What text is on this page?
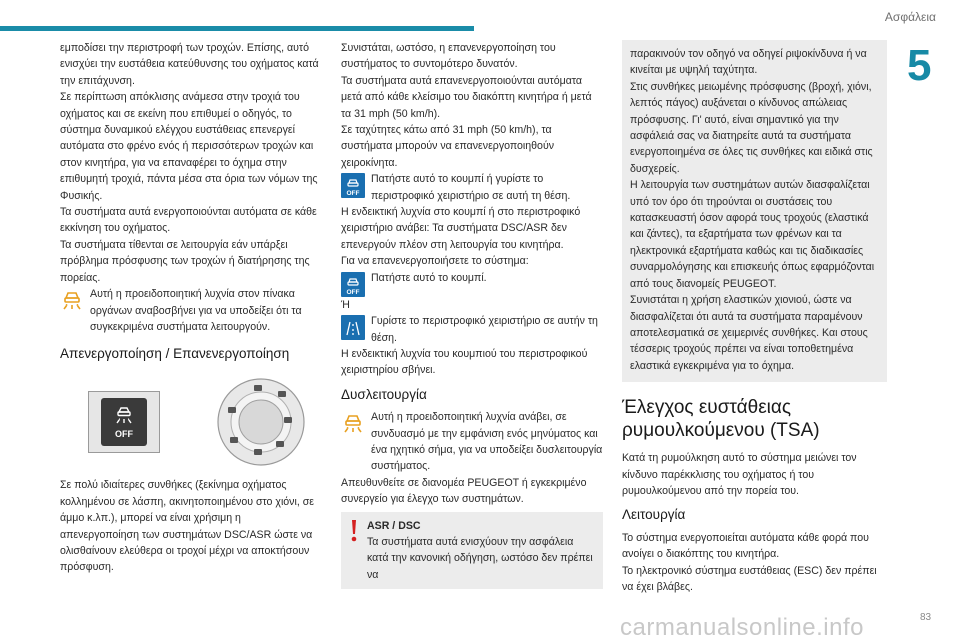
Ασφάλεια
5

εμποδίσει την περιστροφή των τροχών. Επίσης, αυτό ενισχύει την ευστάθεια κατεύθυνσης του οχήματος κατά την επιτάχυνση.

Σε περίπτωση απόκλισης ανάμεσα στην τροχιά του οχήματος και σε εκείνη που επιθυμεί ο οδηγός, το σύστημα δυναμικού ελέγχου ευστάθειας επενεργεί αυτόματα στο φρένο ενός ή περισσότερων τροχών και στον κινητήρα, για να επαναφέρει το όχημα στην επιθυμητή τροχιά, πάντα μέσα στα όρια των νόμων της Φυσικής.

Τα συστήματα αυτά ενεργοποιούνται αυτόματα σε κάθε εκκίνηση του οχήματος.

Τα συστήματα τίθενται σε λειτουργία εάν υπάρξει πρόβλημα πρόσφυσης των τροχών ή διατήρησης της πορείας.

Αυτή η προειδοποιητική λυχνία στον πίνακα οργάνων αναβοσβήνει για να υποδείξει ότι τα συγκεκριμένα συστήματα λειτουργούν.

Απενεργοποίηση / Επανενεργοποίηση

OFF

Σε πολύ ιδιαίτερες συνθήκες (ξεκίνημα οχήματος κολλημένου σε λάσπη, ακινητοποιημένου στο χιόνι, σε άμμο κ.λπ.), μπορεί να είναι χρήσιμη η απενεργοποίηση των συστημάτων DSC/ASR ώστε να ολισθαίνουν ελεύθερα οι τροχοί μέχρι να αποκτήσουν πρόσφυση.

Συνιστάται, ωστόσο, η επανενεργοποίηση του συστήματος το συντομότερο δυνατόν.

Τα συστήματα αυτά επανενεργοποιούνται αυτόματα μετά από κάθε κλείσιμο του διακόπτη κινητήρα ή μετά τα 31 mph (50 km/h).

Σε ταχύτητες κάτω από 31 mph (50 km/h), τα συστήματα μπορούν να επανενεργοποιηθούν χειροκίνητα.

OFF

Πατήστε αυτό το κουμπί ή γυρίστε το περιστροφικό χειριστήριο σε αυτή τη θέση.

Η ενδεικτική λυχνία στο κουμπί ή στο περιστροφικό χειριστήριο ανάβει: Τα συστήματα DSC/ASR δεν επενεργούν πλέον στη λειτουργία του κινητήρα.

Για να επανενεργοποιήσετε το σύστημα:

OFF

Πατήστε αυτό το κουμπί.

Ή

Γυρίστε το περιστροφικό χειριστήριο σε αυτήν τη θέση.

Η ενδεικτική λυχνία του κουμπιού του περιστροφικού χειριστηρίου σβήνει.

Δυσλειτουργία

Αυτή η προειδοποιητική λυχνία ανάβει, σε συνδυασμό με την εμφάνιση ενός μηνύματος και ένα ηχητικό σήμα, για να υποδείξει δυσλειτουργία συστήματος.

Απευθυνθείτε σε διανομέα PEUGEOT ή εγκεκριμένο συνεργείο για έλεγχο των συστημάτων.

ASR / DSC

Τα συστήματα αυτά ενισχύουν την ασφάλεια κατά την κανονική οδήγηση, ωστόσο δεν πρέπει να

παρακινούν τον οδηγό να οδηγεί ριψοκίνδυνα ή να κινείται με υψηλή ταχύτητα.

Στις συνθήκες μειωμένης πρόσφυσης (βροχή, χιόνι, λεπτός πάγος) αυξάνεται ο κίνδυνος απώλειας πρόσφυσης. Γι' αυτό, είναι σημαντικό για την ασφάλειά σας να διατηρείτε αυτά τα συστήματα ενεργοποιημένα σε όλες τις συνθήκες και ειδικά στις δυσχερείς.

Η λειτουργία των συστημάτων αυτών διασφαλίζεται υπό τον όρο ότι τηρούνται οι συστάσεις του κατασκευαστή όσον αφορά τους τροχούς (ελαστικά και ζάντες), τα εξαρτήματα των φρένων και τα ηλεκτρονικά εξαρτήματα καθώς και τις διαδικασίες συναρμολόγησης και επισκευής όπως εφαρμόζονται από τους διανομείς PEUGEOT.

Συνιστάται η χρήση ελαστικών χιονιού, ώστε να διασφαλίζεται ότι αυτά τα συστήματα παραμένουν αποτελεσματικά σε χειμερινές συνθήκες. Και στους τέσσερις τροχούς πρέπει να είναι τοποθετημένα ελαστικά εγκεκριμένα για το όχημα.

Έλεγχος ευστάθειας ρυμουλκούμενου (TSA)

Κατά τη ρυμούλκηση αυτό το σύστημα μειώνει τον κίνδυνο παρέκκλισης του οχήματος ή του ρυμουλκούμενου από την πορεία του.

Λειτουργία

Το σύστημα ενεργοποιείται αυτόματα κάθε φορά που ανοίγει ο διακόπτης του κινητήρα.

Το ηλεκτρονικό σύστημα ευστάθειας (ESC) δεν πρέπει να έχει βλάβες.

carmanualsonline.info	83
